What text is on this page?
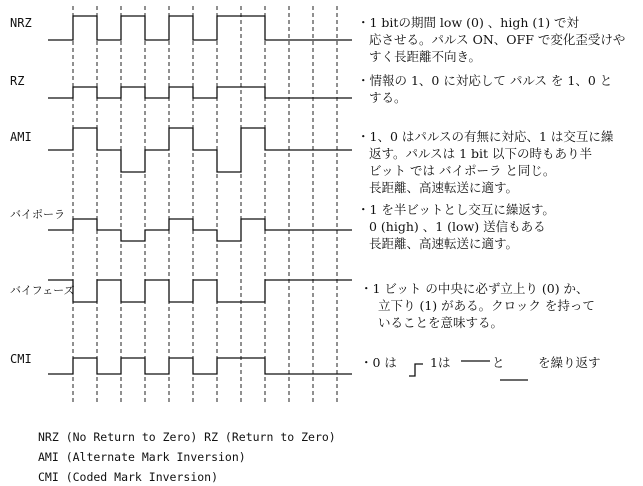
NRZ
RZ
AMI
バイポーラ
バイフェーズ
CMI
・1 bitの期間 low (0) 、high (1) で対
応させる。パルス ON、OFF で変化歪受けや
すく長距離不向き。
・情報の 1、0 に対応して パルス を 1、0 と
する。
・1、0 はパルスの有無に対応、1 は交互に繰
返す。パルスは 1 bit 以下の時もあり半
ビット では バイポーラ と同じ。
長距離、高速転送に適す。
・1 を半ビットとし交互に繰返す。
0 (high) 、1 (low) 送信もある
長距離、高速転送に適す。
・1 ビット の中央に必ず立上り (0) か、
立下り (1) がある。クロック を持って
いることを意味する。
・0 は	1は	と	を繰り返す
NRZ (No Return to Zero) RZ (Return to Zero)
AMI (Alternate Mark Inversion)
CMI (Coded Mark Inversion)
